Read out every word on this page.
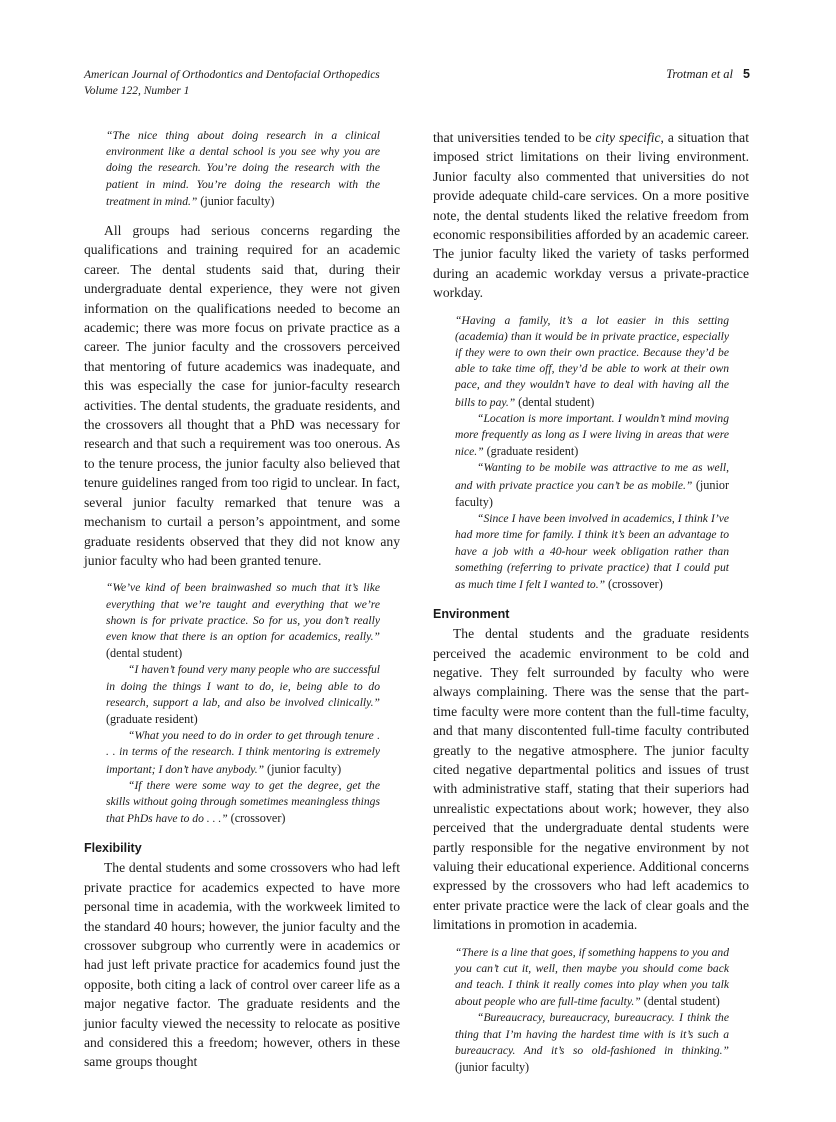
American Journal of Orthodontics and Dentofacial Orthopedics
Volume 122, Number 1
Trotman et al 5

“The nice thing about doing research in a clinical environment like a dental school is you see why you are doing the research. You’re doing the research with the patient in mind. You’re doing the research with the treatment in mind.” (junior faculty)

All groups had serious concerns regarding the qualifications and training required for an academic career. The dental students said that, during their undergraduate dental experience, they were not given information on the qualifications needed to become an academic; there was more focus on private practice as a career. The junior faculty and the crossovers perceived that mentoring of future academics was inadequate, and this was especially the case for junior-faculty research activities. The dental students, the graduate residents, and the crossovers all thought that a PhD was necessary for research and that such a requirement was too onerous. As to the tenure process, the junior faculty also believed that tenure guidelines ranged from too rigid to unclear. In fact, several junior faculty remarked that tenure was a mechanism to curtail a person’s appointment, and some graduate residents observed that they did not know any junior faculty who had been granted tenure.

“We’ve kind of been brainwashed so much that it’s like everything that we’re taught and everything that we’re shown is for private practice. So for us, you don’t really even know that there is an option for academics, really.” (dental student)

“I haven’t found very many people who are successful in doing the things I want to do, ie, being able to do research, support a lab, and also be involved clinically.” (graduate resident)

“What you need to do in order to get through tenure . . . in terms of the research. I think mentoring is extremely important; I don’t have anybody.” (junior faculty)

“If there were some way to get the degree, get the skills without going through sometimes meaningless things that PhDs have to do . . .” (crossover)

Flexibility

The dental students and some crossovers who had left private practice for academics expected to have more personal time in academia, with the workweek limited to the standard 40 hours; however, the junior faculty and the crossover subgroup who currently were in academics or had just left private practice for academics found just the opposite, both citing a lack of control over career life as a major negative factor. The graduate residents and the junior faculty viewed the necessity to relocate as positive and considered this a freedom; however, others in these same groups thought

that universities tended to be city specific, a situation that imposed strict limitations on their living environment. Junior faculty also commented that universities do not provide adequate child-care services. On a more positive note, the dental students liked the relative freedom from economic responsibilities afforded by an academic career. The junior faculty liked the variety of tasks performed during an academic workday versus a private-practice workday.

“Having a family, it’s a lot easier in this setting (academia) than it would be in private practice, especially if they were to own their own practice. Because they’d be able to take time off, they’d be able to work at their own pace, and they wouldn’t have to deal with having all the bills to pay.” (dental student)

“Location is more important. I wouldn’t mind moving more frequently as long as I were living in areas that were nice.” (graduate resident)

“Wanting to be mobile was attractive to me as well, and with private practice you can’t be as mobile.” (junior faculty)

“Since I have been involved in academics, I think I’ve had more time for family. I think it’s been an advantage to have a job with a 40-hour week obligation rather than something (referring to private practice) that I could put as much time I felt I wanted to.” (crossover)

Environment

The dental students and the graduate residents perceived the academic environment to be cold and negative. They felt surrounded by faculty who were always complaining. There was the sense that the part-time faculty were more content than the full-time faculty, and that many discontented full-time faculty contributed greatly to the negative atmosphere. The junior faculty cited negative departmental politics and issues of trust with administrative staff, stating that their superiors had unrealistic expectations about work; however, they also perceived that the undergraduate dental students were partly responsible for the negative environment by not valuing their educational experience. Additional concerns expressed by the crossovers who had left academics to enter private practice were the lack of clear goals and the limitations in promotion in academia.

“There is a line that goes, if something happens to you and you can’t cut it, well, then maybe you should come back and teach. I think it really comes into play when you talk about people who are full-time faculty.” (dental student)

“Bureaucracy, bureaucracy, bureaucracy. I think the thing that I’m having the hardest time with is it’s such a bureaucracy. And it’s so old-fashioned in thinking.” (junior faculty)
